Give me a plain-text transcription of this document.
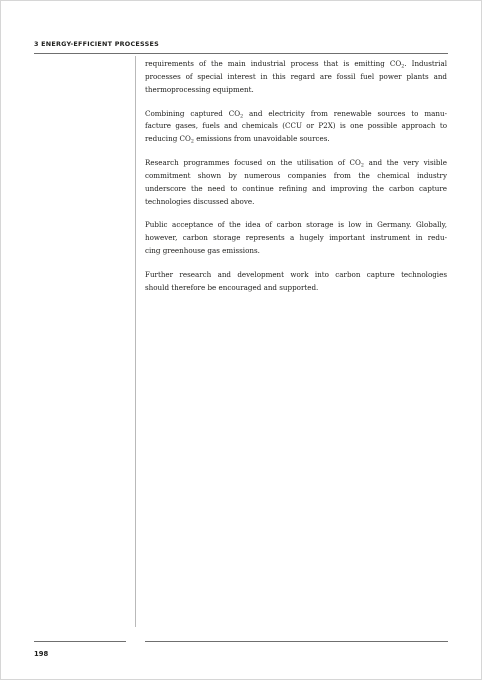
3 ENERGY-EFFICIENT PROCESSES

requirements of the main industrial process that is emitting $CO_2$. Industrial
processes of special interest in this regard are fossil fuel power plants and
thermoprocessing equipment.

Combining captured $CO_2$ and electricity from renewable sources to manu-
facture gases, fuels and chemicals (CCU or P2X) is one possible approach to
reducing $CO_2$ emissions from unavoidable sources.

Research programmes focused on the utilisation of $CO_2$ and the very visible
commitment shown by numerous companies from the chemical industry
underscore the need to continue refining and improving the carbon capture
technologies discussed above.

Public acceptance of the idea of carbon storage is low in Germany. Globally,
however, carbon storage represents a hugely important instrument in redu-
cing greenhouse gas emissions.

Further research and development work into carbon capture technologies
should therefore be encouraged and supported.

198
